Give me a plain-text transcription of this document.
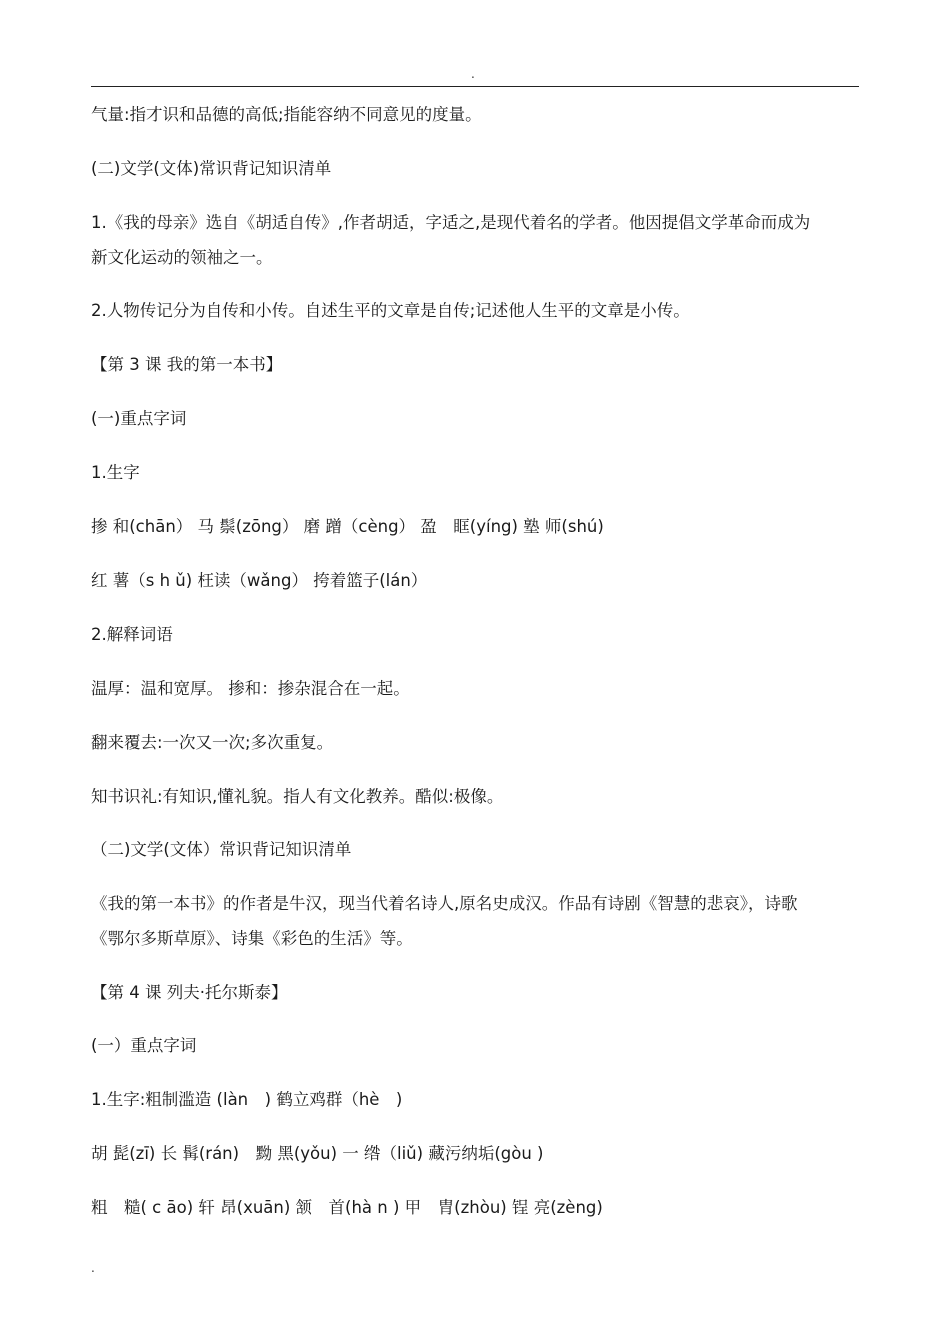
.
气量:指才识和品德的高低;指能容纳不同意见的度量。
(二)文学(文体)常识背记知识清单
1.《我的母亲》选自《胡适自传》,作者胡适，字适之,是现代着名的学者。他因提倡文学革命而成为
新文化运动的领袖之一。
2.人物传记分为自传和小传。自述生平的文章是自传;记述他人生平的文章是小传。
【第 3 课 我的第一本书】
(一)重点字词
1.生字
掺 和(chān） 马 鬃(zōng） 磨 蹭（cèng） 盈　眶(yíng) 塾 师(shú)
红 薯（s h ǔ) 枉读（wǎng） 挎着篮子(lán）
2.解释词语
温厚：温和宽厚。 掺和：掺杂混合在一起。
翻来覆去:一次又一次;多次重复。
知书识礼:有知识,懂礼貌。指人有文化教养。酷似:极像。
（二)文学(文体）常识背记知识清单
《我的第一本书》的作者是牛汉，现当代着名诗人,原名史成汉。作品有诗剧《智慧的悲哀》，诗歌
《鄂尔多斯草原》、诗集《彩色的生活》等。
【第 4 课 列夫·托尔斯泰】
(一）重点字词
1.生字:粗制滥造 (làn　) 鹤立鸡群（hè　)
胡 髭(zī) 长 髯(rán)　黝 黑(yǒu) 一 绺（liǔ) 藏污纳垢(gòu )
粗　糙( c āo) 轩 昂(xuān) 颔　首(hà n ) 甲　胄(zhòu) 锃 亮(zèng)
.
